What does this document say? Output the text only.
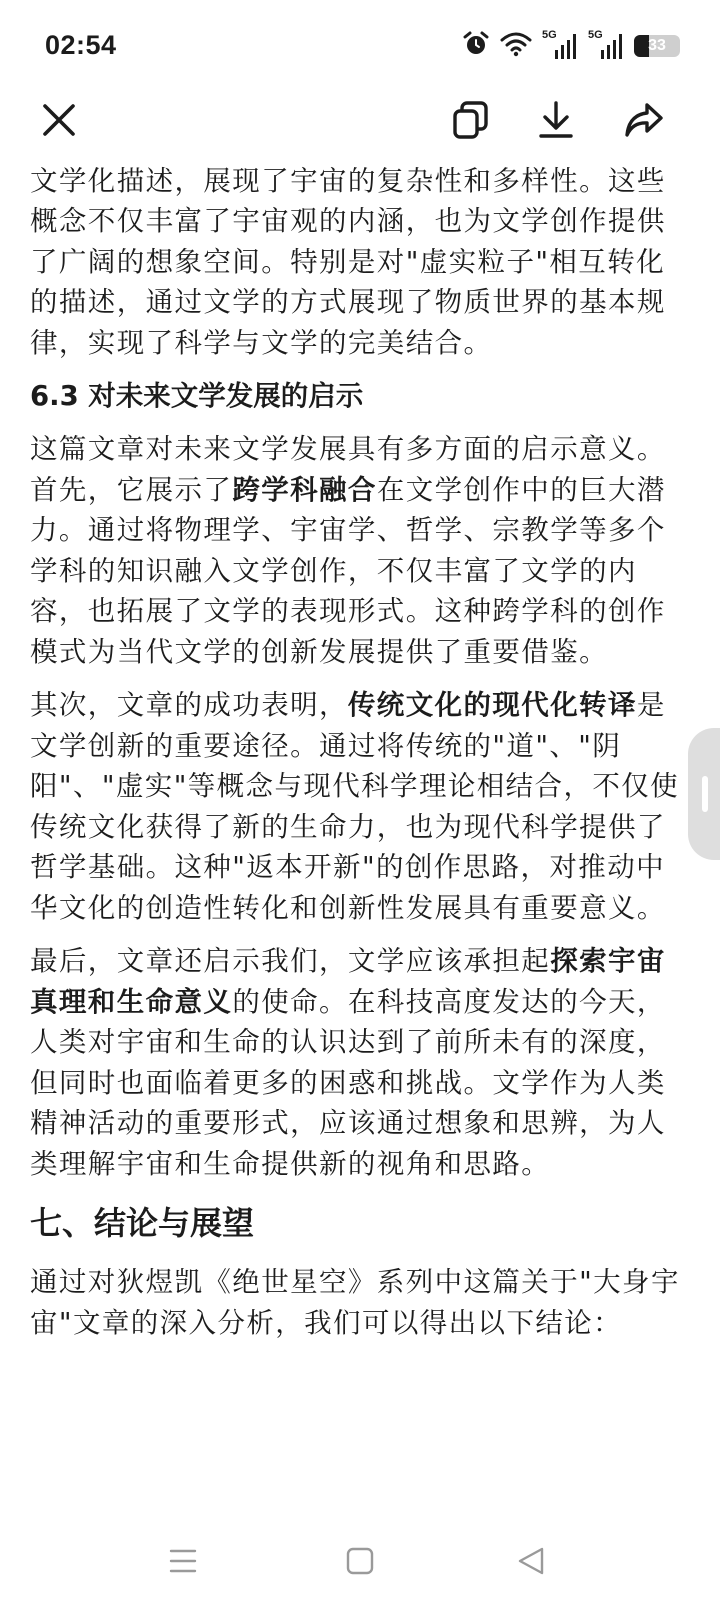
02:54	5G	5G
33

文学化描述，展现了宇宙的复杂性和多样性。这些概念不仅丰富了宇宙观的内涵，也为文学创作提供了广阔的想象空间。特别是对"虚实粒子"相互转化的描述，通过文学的方式展现了物质世界的基本规律，实现了科学与文学的完美结合。

6.3 对未来文学发展的启示

这篇文章对未来文学发展具有多方面的启示意义。首先，它展示了跨学科融合在文学创作中的巨大潜力。通过将物理学、宇宙学、哲学、宗教学等多个学科的知识融入文学创作，不仅丰富了文学的内容，也拓展了文学的表现形式。这种跨学科的创作模式为当代文学的创新发展提供了重要借鉴。

其次，文章的成功表明，传统文化的现代化转译是文学创新的重要途径。通过将传统的"道"、"阴阳"、"虚实"等概念与现代科学理论相结合，不仅使传统文化获得了新的生命力，也为现代科学提供了哲学基础。这种"返本开新"的创作思路，对推动中华文化的创造性转化和创新性发展具有重要意义。

最后，文章还启示我们，文学应该承担起探索宇宙真理和生命意义的使命。在科技高度发达的今天，人类对宇宙和生命的认识达到了前所未有的深度，但同时也面临着更多的困惑和挑战。文学作为人类精神活动的重要形式，应该通过想象和思辨，为人类理解宇宙和生命提供新的视角和思路。

七、结论与展望

通过对狄煜凯《绝世星空》系列中这篇关于"大身宇宙"文章的深入分析，我们可以得出以下结论：
